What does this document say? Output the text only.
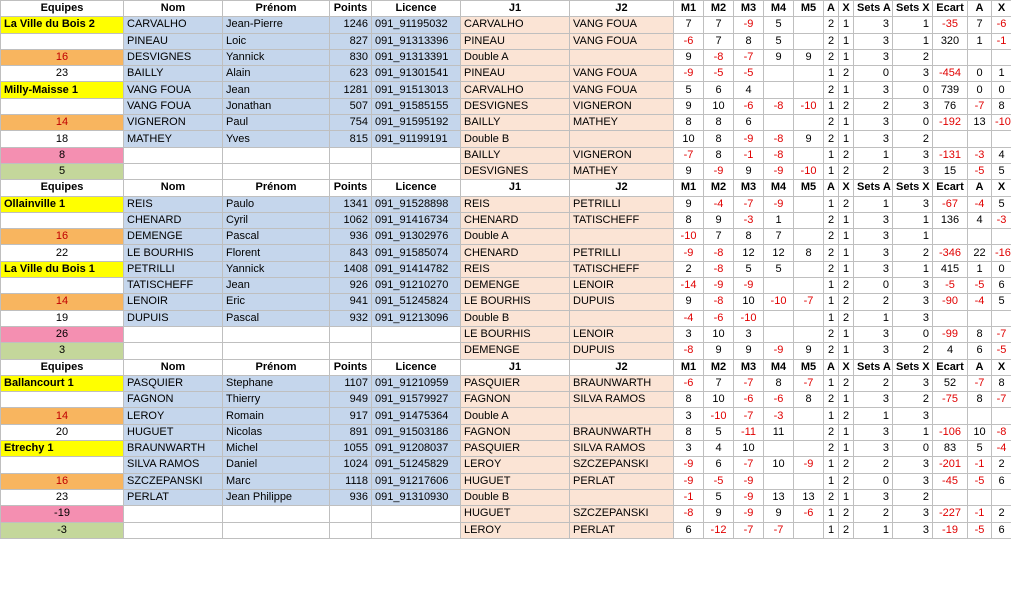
Equipes	Nom	Prénom	Points	Licence	J1	J2	M1	M2	M3	M4	M5	A	X	Sets A	Sets X	Ecart	A	X
La Ville du Bois 2	CARVALHO	Jean-Pierre	1246	091_91195032	CARVALHO	VANG FOUA	7	7	-9	5		2	1	3	1	-35	7	-6
	PINEAU	Loic	827	091_91313396	PINEAU	VANG FOUA	-6	7	8	5		2	1	3	1	320	1	-1
16	DESVIGNES	Yannick	830	091_91313391	Double A		9	-8	-7	9	9	2	1	3	2			
23	BAILLY	Alain	623	091_91301541	PINEAU	VANG FOUA	-9	-5	-5			1	2	0	3	-454	0	1
Milly-Maisse 1	VANG FOUA	Jean	1281	091_91513013	CARVALHO	VANG FOUA	5	6	4			2	1	3	0	739	0	0
	VANG FOUA	Jonathan	507	091_91585155	DESVIGNES	VIGNERON	9	10	-6	-8	-10	1	2	2	3	76	-7	8
14	VIGNERON	Paul	754	091_91595192	BAILLY	MATHEY	8	8	6			2	1	3	0	-192	13	-10
18	MATHEY	Yves	815	091_91199191	Double B		10	8	-9	-8	9	2	1	3	2			
8					BAILLY	VIGNERON	-7	8	-1	-8		1	2	1	3	-131	-3	4
5					DESVIGNES	MATHEY	9	-9	9	-9	-10	1	2	2	3	15	-5	5
Equipes	Nom	Prénom	Points	Licence	J1	J2	M1	M2	M3	M4	M5	A	X	Sets A	Sets X	Ecart	A	X
Ollainville 1	REIS	Paulo	1341	091_91528898	REIS	PETRILLI	9	-4	-7	-9		1	2	1	3	-67	-4	5
	CHENARD	Cyril	1062	091_91416734	CHENARD	TATISCHEFF	8	9	-3	1		2	1	3	1	136	4	-3
16	DEMENGE	Pascal	936	091_91302976	Double A		-10	7	8	7		2	1	3	1			
22	LE BOURHIS	Florent	843	091_91585074	CHENARD	PETRILLI	-9	-8	12	12	8	2	1	3	2	-346	22	-16
La Ville du Bois 1	PETRILLI	Yannick	1408	091_91414782	REIS	TATISCHEFF	2	-8	5	5		2	1	3	1	415	1	0
	TATISCHEFF	Jean	926	091_91210270	DEMENGE	LENOIR	-14	-9	-9			1	2	0	3	-5	-5	6
14	LENOIR	Eric	941	091_51245824	LE BOURHIS	DUPUIS	9	-8	10	-10	-7	1	2	2	3	-90	-4	5
19	DUPUIS	Pascal	932	091_91213096	Double B		-4	-6	-10			1	2	1	3			
26					LE BOURHIS	LENOIR	3	10	3			2	1	3	0	-99	8	-7
3					DEMENGE	DUPUIS	-8	9	9	-9	9	2	1	3	2	4	6	-5
Equipes	Nom	Prénom	Points	Licence	J1	J2	M1	M2	M3	M4	M5	A	X	Sets A	Sets X	Ecart	A	X
Ballancourt 1	PASQUIER	Stephane	1107	091_91210959	PASQUIER	BRAUNWARTH	-6	7	-7	8	-7	1	2	2	3	52	-7	8
	FAGNON	Thierry	949	091_91579927	FAGNON	SILVA RAMOS	8	10	-6	-6	8	2	1	3	2	-75	8	-7
14	LEROY	Romain	917	091_91475364	Double A		3	-10	-7	-3		1	2	1	3			
20	HUGUET	Nicolas	891	091_91503186	FAGNON	BRAUNWARTH	8	5	-11	11		2	1	3	1	-106	10	-8
Etrechy 1	BRAUNWARTH	Michel	1055	091_91208037	PASQUIER	SILVA RAMOS	3	4	10			2	1	3	0	83	5	-4
	SILVA RAMOS	Daniel	1024	091_51245829	LEROY	SZCZEPANSKI	-9	6	-7	10	-9	1	2	2	3	-201	-1	2
16	SZCZEPANSKI	Marc	1118	091_91217606	HUGUET	PERLAT	-9	-5	-9			1	2	0	3	-45	-5	6
23	PERLAT	Jean Philippe	936	091_91310930	Double B		-1	5	-9	13	13	2	1	3	2			
-19					HUGUET	SZCZEPANSKI	-8	9	-9	9	-6	1	2	2	3	-227	-1	2
-3					LEROY	PERLAT	6	-12	-7	-7		1	2	1	3	-19	-5	6
